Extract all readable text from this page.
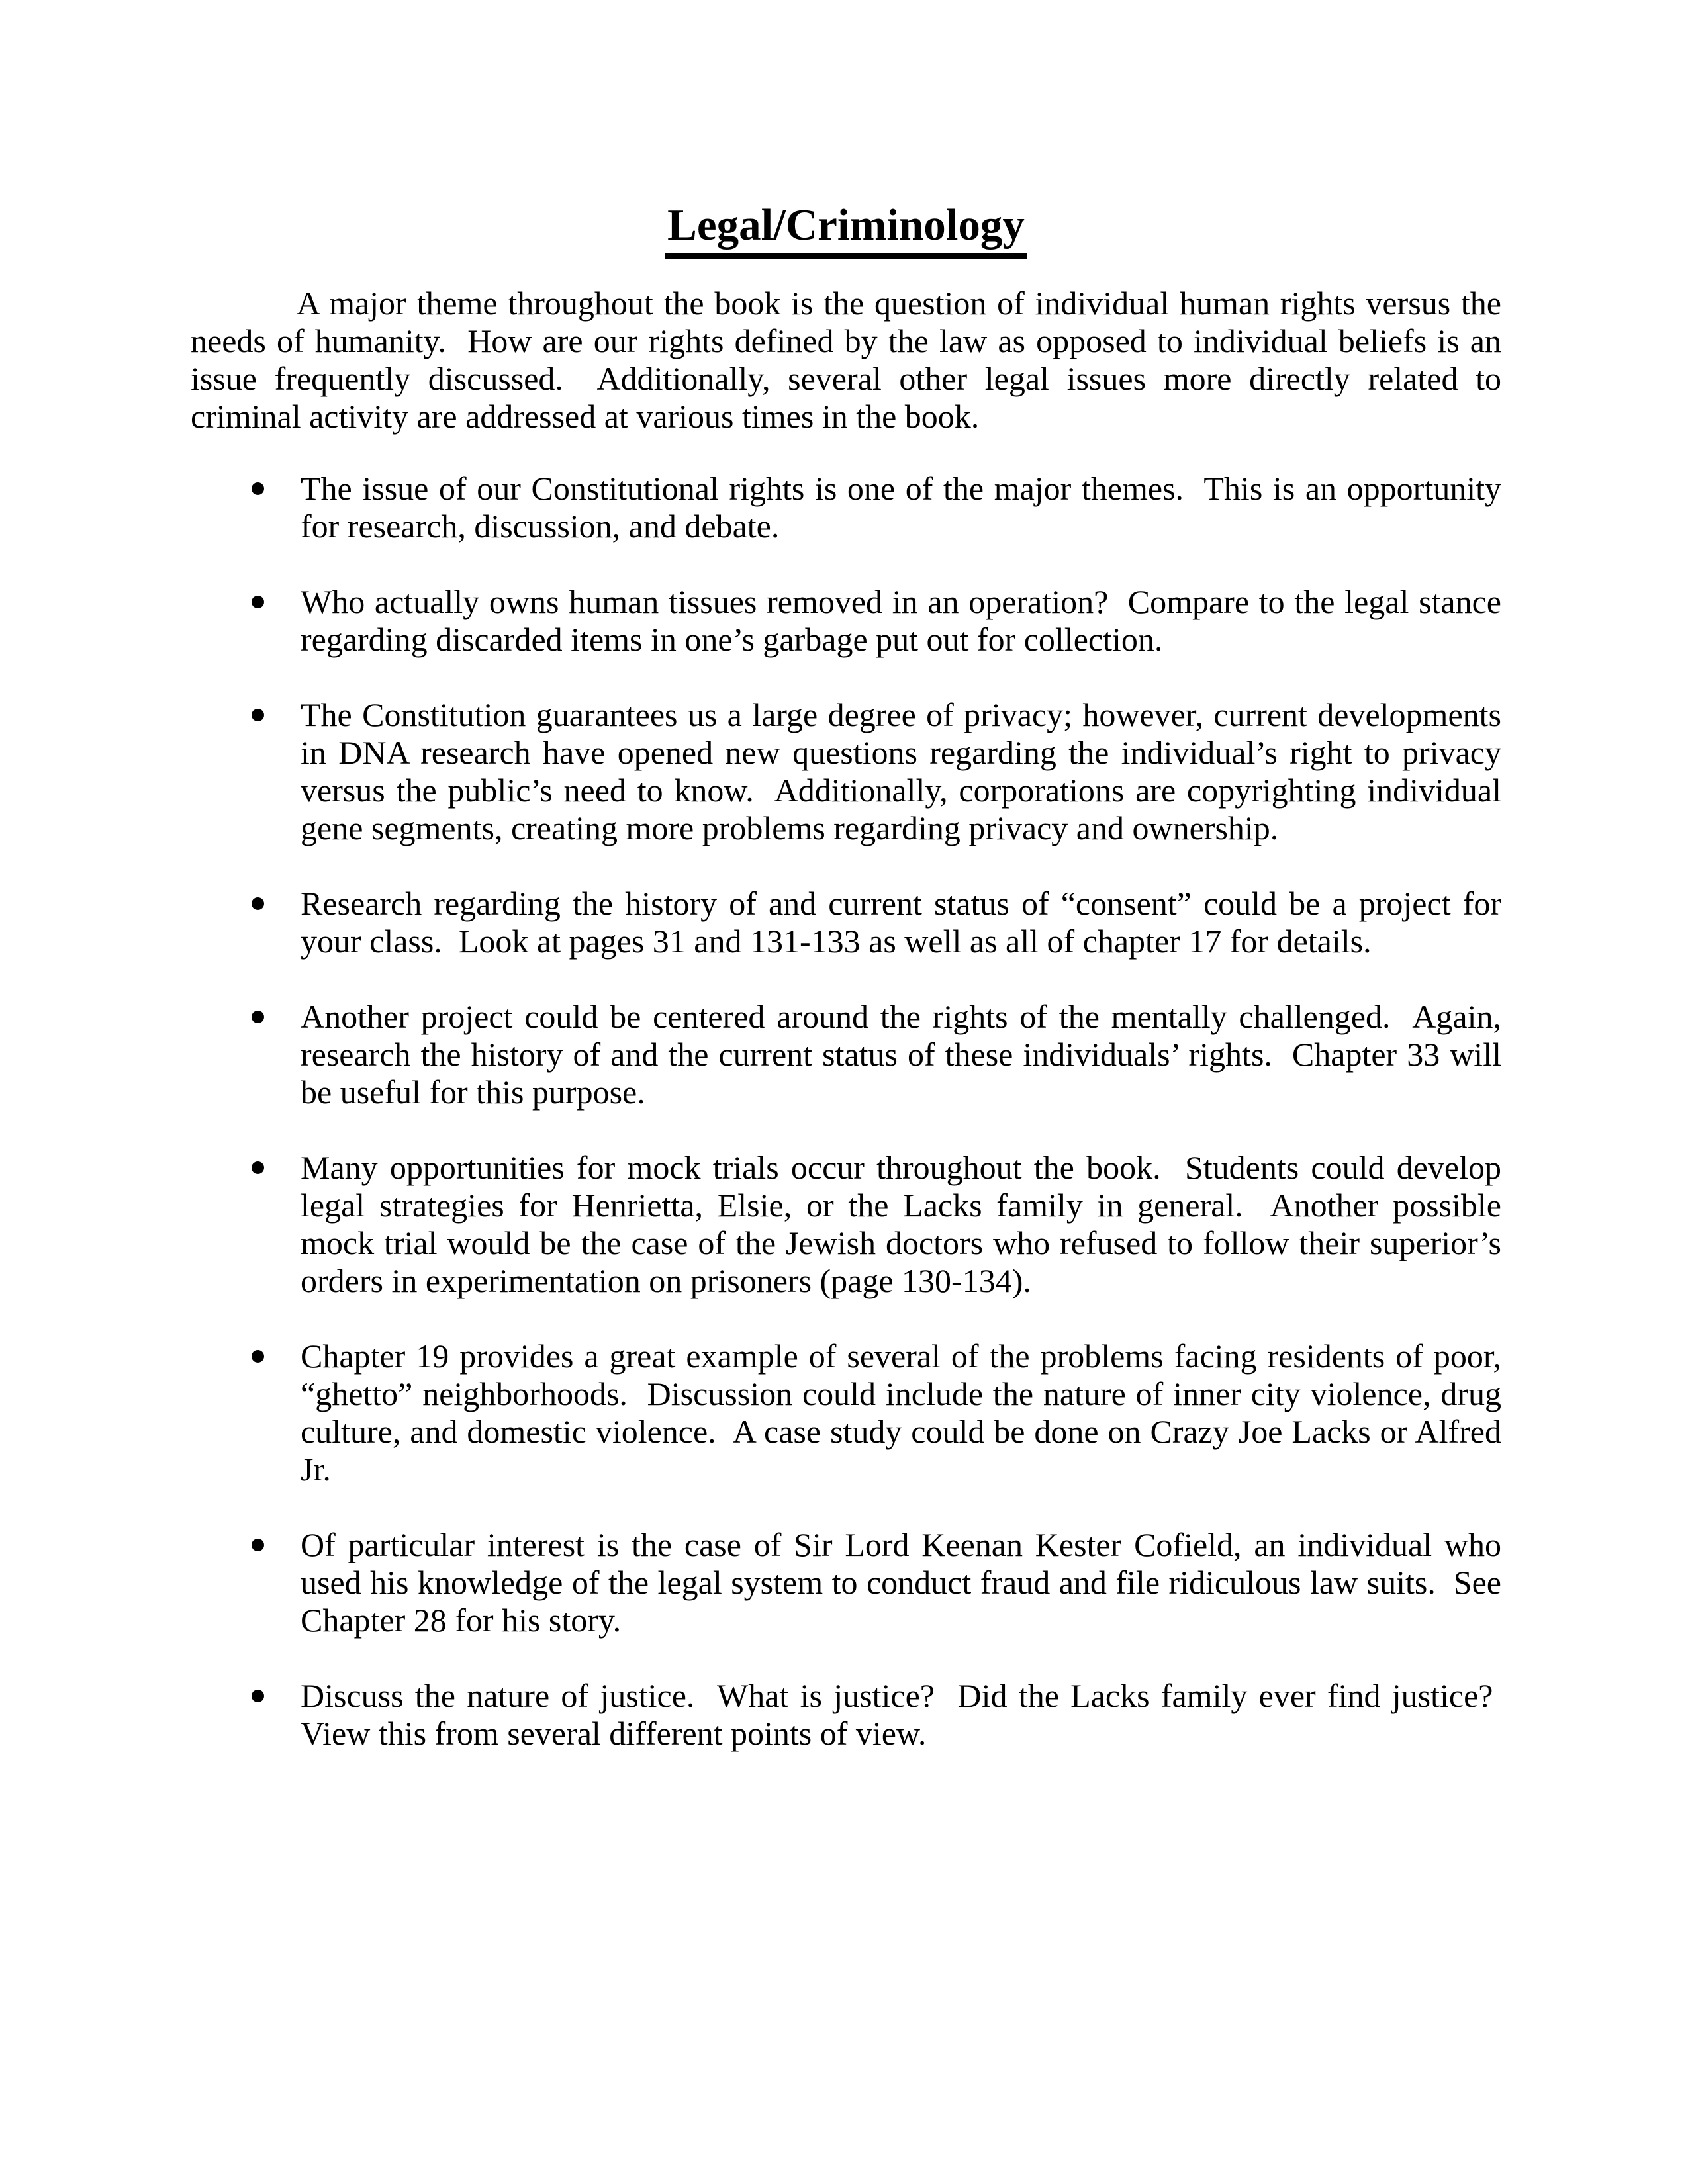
Legal/Criminology

A major theme throughout the book is the question of individual human rights versus the needs of humanity.  How are our rights defined by the law as opposed to individual beliefs is an issue frequently discussed.  Additionally, several other legal issues more directly related to criminal activity are addressed at various times in the book.

The issue of our Constitutional rights is one of the major themes.  This is an opportunity for research, discussion, and debate.
Who actually owns human tissues removed in an operation?  Compare to the legal stance regarding discarded items in one’s garbage put out for collection.
The Constitution guarantees us a large degree of privacy; however, current developments in DNA research have opened new questions regarding the individual’s right to privacy versus the public’s need to know.  Additionally, corporations are copyrighting individual gene segments, creating more problems regarding privacy and ownership.
Research regarding the history of and current status of “consent” could be a project for your class.  Look at pages 31 and 131-133 as well as all of chapter 17 for details.
Another project could be centered around the rights of the mentally challenged.  Again, research the history of and the current status of these individuals’ rights.  Chapter 33 will be useful for this purpose.
Many opportunities for mock trials occur throughout the book.  Students could develop legal strategies for Henrietta, Elsie, or the Lacks family in general.  Another possible mock trial would be the case of the Jewish doctors who refused to follow their superior’s orders in experimentation on prisoners (page 130-134).
Chapter 19 provides a great example of several of the problems facing residents of poor, “ghetto” neighborhoods.  Discussion could include the nature of inner city violence, drug culture, and domestic violence.  A case study could be done on Crazy Joe Lacks or Alfred Jr.
Of particular interest is the case of Sir Lord Keenan Kester Cofield, an individual who used his knowledge of the legal system to conduct fraud and file ridiculous law suits.  See Chapter 28 for his story.
Discuss the nature of justice.  What is justice?  Did the Lacks family ever find justice?  View this from several different points of view.
